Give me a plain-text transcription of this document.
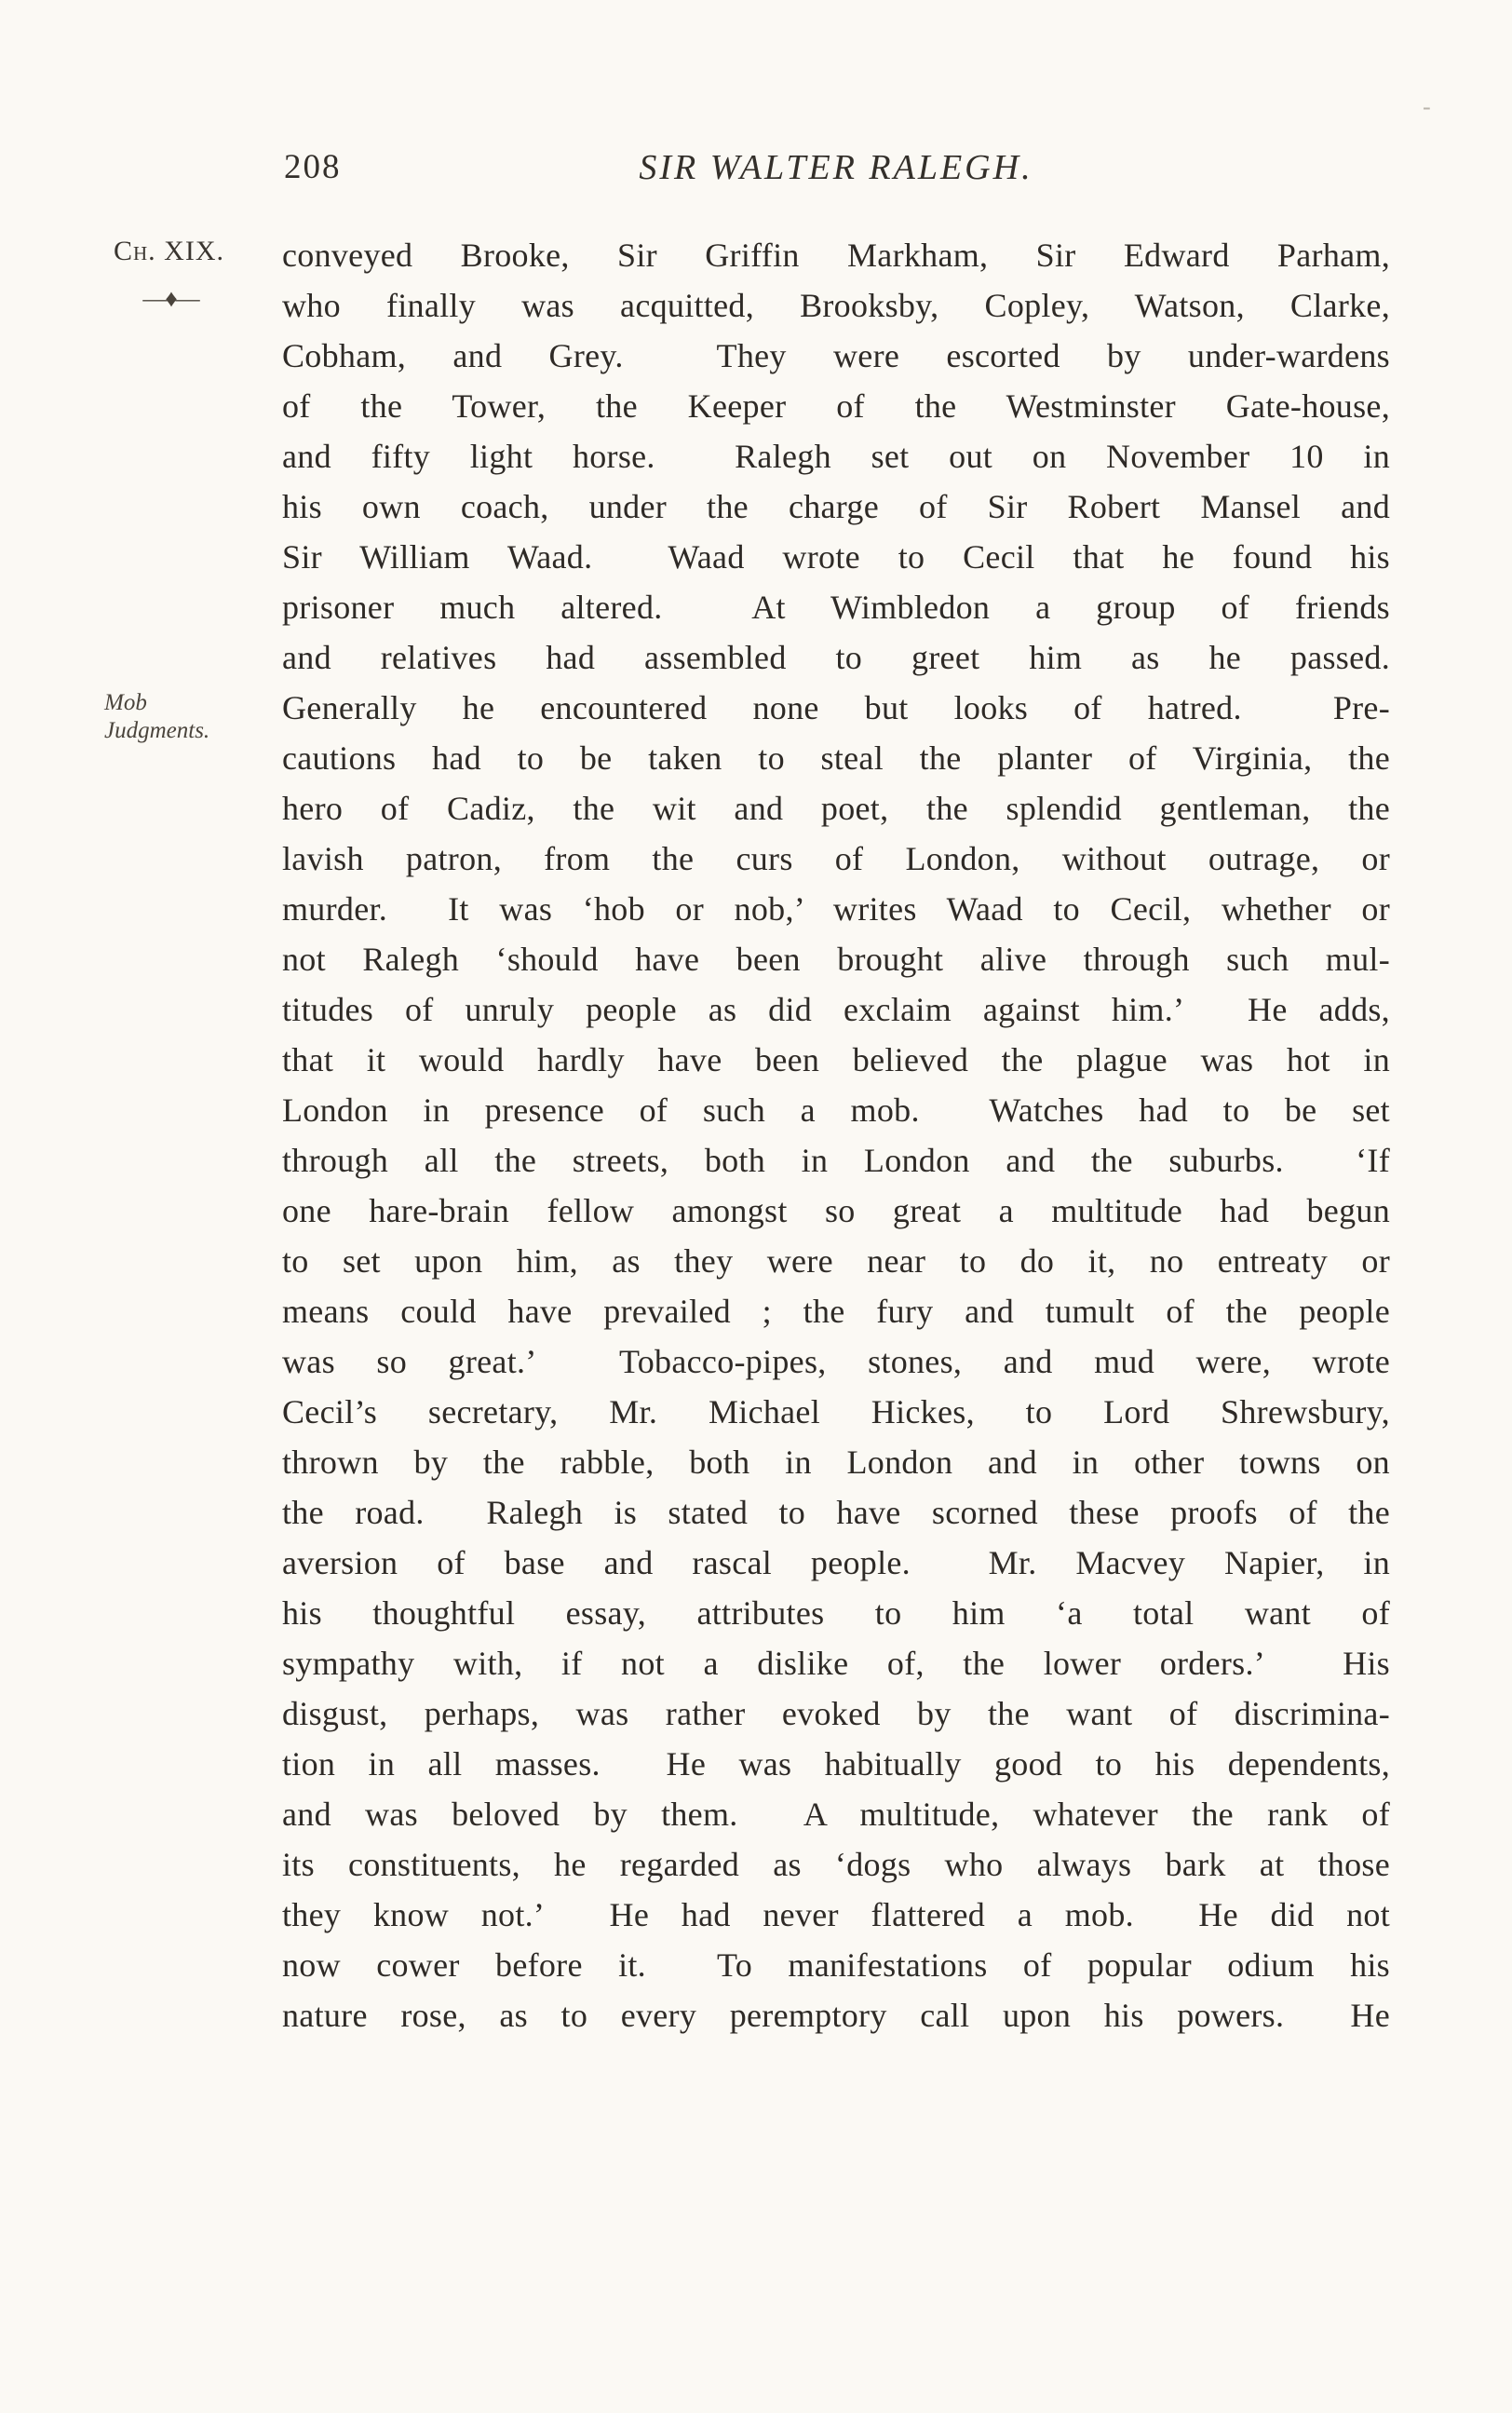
-
208	SIR WALTER RALEGH.
Ch. XIX.
—♦—
Mob
Judgments.
conveyed Brooke, Sir Griffin Markham, Sir Edward Parham,
who finally was acquitted, Brooksby, Copley, Watson, Clarke,
Cobham, and Grey.  They were escorted by under-wardens
of the Tower, the Keeper of the Westminster Gate-house,
and fifty light horse.  Ralegh set out on November 10 in
his own coach, under the charge of Sir Robert Mansel and
Sir William Waad.  Waad wrote to Cecil that he found his
prisoner much altered.  At Wimbledon a group of friends
and relatives had assembled to greet him as he passed.
Generally he encountered none but looks of hatred.  Pre-
cautions had to be taken to steal the planter of Virginia, the
hero of Cadiz, the wit and poet, the splendid gentleman, the
lavish patron, from the curs of London, without outrage, or
murder.  It was ‘hob or nob,’ writes Waad to Cecil, whether or
not Ralegh ‘should have been brought alive through such mul-
titudes of unruly people as did exclaim against him.’  He adds,
that it would hardly have been believed the plague was hot in
London in presence of such a mob.  Watches had to be set
through all the streets, both in London and the suburbs.  ‘If
one hare-brain fellow amongst so great a multitude had begun
to set upon him, as they were near to do it, no entreaty or
means could have prevailed ; the fury and tumult of the people
was so great.’  Tobacco-pipes, stones, and mud were, wrote
Cecil’s secretary, Mr. Michael Hickes, to Lord Shrewsbury,
thrown by the rabble, both in London and in other towns on
the road.  Ralegh is stated to have scorned these proofs of the
aversion of base and rascal people.  Mr. Macvey Napier, in
his thoughtful essay, attributes to him ‘a total want of
sympathy with, if not a dislike of, the lower orders.’  His
disgust, perhaps, was rather evoked by the want of discrimina-
tion in all masses.  He was habitually good to his dependents,
and was beloved by them.  A multitude, whatever the rank of
its constituents, he regarded as ‘dogs who always bark at those
they know not.’  He had never flattered a mob.  He did not
now cower before it.  To manifestations of popular odium his
nature rose, as to every peremptory call upon his powers.  He
